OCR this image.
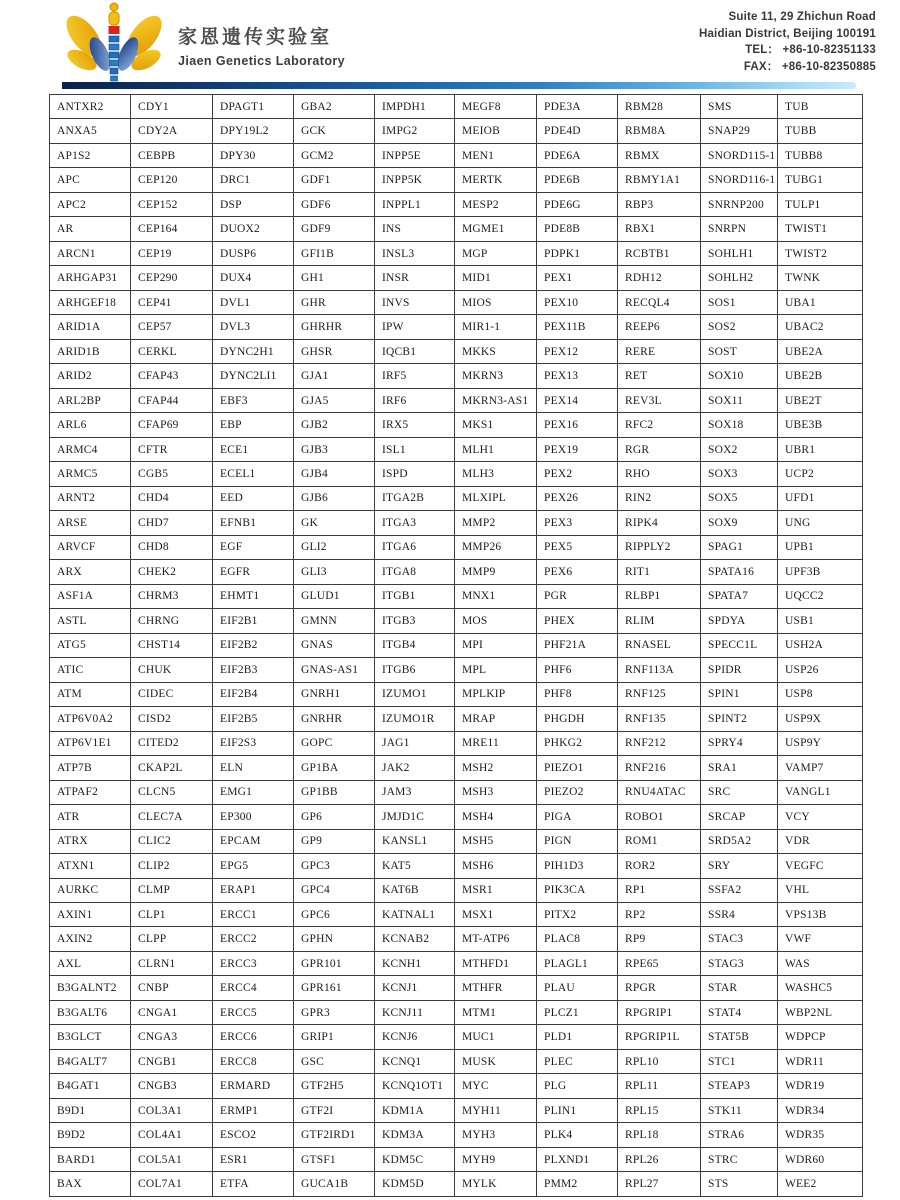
家恩遗传实验室
Jiaen Genetics Laboratory
Suite 11, 29 Zhichun Road
Haidian District, Beijing 100191
TEL： +86-10-82351133
FAX： +86-10-82350885
ANTXR2	CDY1	DPAGT1	GBA2	IMPDH1	MEGF8	PDE3A	RBM28	SMS	TUB
ANXA5	CDY2A	DPY19L2	GCK	IMPG2	MEIOB	PDE4D	RBM8A	SNAP29	TUBB
AP1S2	CEBPB	DPY30	GCM2	INPP5E	MEN1	PDE6A	RBMX	SNORD115-1	TUBB8
APC	CEP120	DRC1	GDF1	INPP5K	MERTK	PDE6B	RBMY1A1	SNORD116-1	TUBG1
APC2	CEP152	DSP	GDF6	INPPL1	MESP2	PDE6G	RBP3	SNRNP200	TULP1
AR	CEP164	DUOX2	GDF9	INS	MGME1	PDE8B	RBX1	SNRPN	TWIST1
ARCN1	CEP19	DUSP6	GFI1B	INSL3	MGP	PDPK1	RCBTB1	SOHLH1	TWIST2
ARHGAP31	CEP290	DUX4	GH1	INSR	MID1	PEX1	RDH12	SOHLH2	TWNK
ARHGEF18	CEP41	DVL1	GHR	INVS	MIOS	PEX10	RECQL4	SOS1	UBA1
ARID1A	CEP57	DVL3	GHRHR	IPW	MIR1-1	PEX11B	REEP6	SOS2	UBAC2
ARID1B	CERKL	DYNC2H1	GHSR	IQCB1	MKKS	PEX12	RERE	SOST	UBE2A
ARID2	CFAP43	DYNC2LI1	GJA1	IRF5	MKRN3	PEX13	RET	SOX10	UBE2B
ARL2BP	CFAP44	EBF3	GJA5	IRF6	MKRN3-AS1	PEX14	REV3L	SOX11	UBE2T
ARL6	CFAP69	EBP	GJB2	IRX5	MKS1	PEX16	RFC2	SOX18	UBE3B
ARMC4	CFTR	ECE1	GJB3	ISL1	MLH1	PEX19	RGR	SOX2	UBR1
ARMC5	CGB5	ECEL1	GJB4	ISPD	MLH3	PEX2	RHO	SOX3	UCP2
ARNT2	CHD4	EED	GJB6	ITGA2B	MLXIPL	PEX26	RIN2	SOX5	UFD1
ARSE	CHD7	EFNB1	GK	ITGA3	MMP2	PEX3	RIPK4	SOX9	UNG
ARVCF	CHD8	EGF	GLI2	ITGA6	MMP26	PEX5	RIPPLY2	SPAG1	UPB1
ARX	CHEK2	EGFR	GLI3	ITGA8	MMP9	PEX6	RIT1	SPATA16	UPF3B
ASF1A	CHRM3	EHMT1	GLUD1	ITGB1	MNX1	PGR	RLBP1	SPATA7	UQCC2
ASTL	CHRNG	EIF2B1	GMNN	ITGB3	MOS	PHEX	RLIM	SPDYA	USB1
ATG5	CHST14	EIF2B2	GNAS	ITGB4	MPI	PHF21A	RNASEL	SPECC1L	USH2A
ATIC	CHUK	EIF2B3	GNAS-AS1	ITGB6	MPL	PHF6	RNF113A	SPIDR	USP26
ATM	CIDEC	EIF2B4	GNRH1	IZUMO1	MPLKIP	PHF8	RNF125	SPIN1	USP8
ATP6V0A2	CISD2	EIF2B5	GNRHR	IZUMO1R	MRAP	PHGDH	RNF135	SPINT2	USP9X
ATP6V1E1	CITED2	EIF2S3	GOPC	JAG1	MRE11	PHKG2	RNF212	SPRY4	USP9Y
ATP7B	CKAP2L	ELN	GP1BA	JAK2	MSH2	PIEZO1	RNF216	SRA1	VAMP7
ATPAF2	CLCN5	EMG1	GP1BB	JAM3	MSH3	PIEZO2	RNU4ATAC	SRC	VANGL1
ATR	CLEC7A	EP300	GP6	JMJD1C	MSH4	PIGA	ROBO1	SRCAP	VCY
ATRX	CLIC2	EPCAM	GP9	KANSL1	MSH5	PIGN	ROM1	SRD5A2	VDR
ATXN1	CLIP2	EPG5	GPC3	KAT5	MSH6	PIH1D3	ROR2	SRY	VEGFC
AURKC	CLMP	ERAP1	GPC4	KAT6B	MSR1	PIK3CA	RP1	SSFA2	VHL
AXIN1	CLP1	ERCC1	GPC6	KATNAL1	MSX1	PITX2	RP2	SSR4	VPS13B
AXIN2	CLPP	ERCC2	GPHN	KCNAB2	MT-ATP6	PLAC8	RP9	STAC3	VWF
AXL	CLRN1	ERCC3	GPR101	KCNH1	MTHFD1	PLAGL1	RPE65	STAG3	WAS
B3GALNT2	CNBP	ERCC4	GPR161	KCNJ1	MTHFR	PLAU	RPGR	STAR	WASHC5
B3GALT6	CNGA1	ERCC5	GPR3	KCNJ11	MTM1	PLCZ1	RPGRIP1	STAT4	WBP2NL
B3GLCT	CNGA3	ERCC6	GRIP1	KCNJ6	MUC1	PLD1	RPGRIP1L	STAT5B	WDPCP
B4GALT7	CNGB1	ERCC8	GSC	KCNQ1	MUSK	PLEC	RPL10	STC1	WDR11
B4GAT1	CNGB3	ERMARD	GTF2H5	KCNQ1OT1	MYC	PLG	RPL11	STEAP3	WDR19
B9D1	COL3A1	ERMP1	GTF2I	KDM1A	MYH11	PLIN1	RPL15	STK11	WDR34
B9D2	COL4A1	ESCO2	GTF2IRD1	KDM3A	MYH3	PLK4	RPL18	STRA6	WDR35
BARD1	COL5A1	ESR1	GTSF1	KDM5C	MYH9	PLXND1	RPL26	STRC	WDR60
BAX	COL7A1	ETFA	GUCA1B	KDM5D	MYLK	PMM2	RPL27	STS	WEE2
